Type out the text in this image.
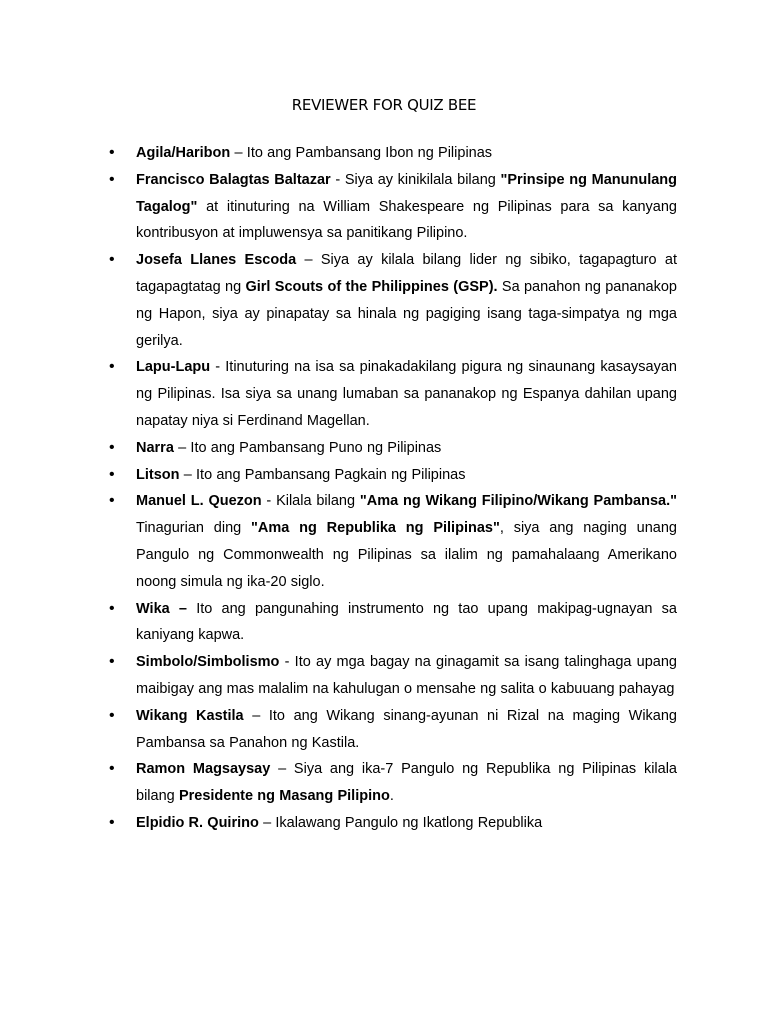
REVIEWER FOR QUIZ BEE
• Agila/Haribon – Ito ang Pambansang Ibon ng Pilipinas
• Francisco Balagtas Baltazar - Siya ay kinikilala bilang "Prinsipe ng Manunulang Tagalog" at itinuturing na William Shakespeare ng Pilipinas para sa kanyang kontribusyon at impluwensya sa panitikang Pilipino.
• Josefa Llanes Escoda – Siya ay kilala bilang lider ng sibiko, tagapagturo at tagapagtatag ng Girl Scouts of the Philippines (GSP). Sa panahon ng pananakop ng Hapon, siya ay pinapatay sa hinala ng pagiging isang taga-simpatya ng mga gerilya.
• Lapu-Lapu - Itinuturing na isa sa pinakadakilang pigura ng sinaunang kasaysayan ng Pilipinas. Isa siya sa unang lumaban sa pananakop ng Espanya dahilan upang napatay niya si Ferdinand Magellan.
• Narra – Ito ang Pambansang Puno ng Pilipinas
• Litson – Ito ang Pambansang Pagkain ng Pilipinas
• Manuel L. Quezon - Kilala bilang "Ama ng Wikang Filipino/Wikang Pambansa." Tinagurian ding "Ama ng Republika ng Pilipinas", siya ang naging unang Pangulo ng Commonwealth ng Pilipinas sa ilalim ng pamahalaang Amerikano noong simula ng ika-20 siglo.
• Wika – Ito ang pangunahing instrumento ng tao upang makipag-ugnayan sa kaniyang kapwa.
• Simbolo/Simbolismo - Ito ay mga bagay na ginagamit sa isang talinghaga upang maibigay ang mas malalim na kahulugan o mensahe ng salita o kabuuang pahayag
• Wikang Kastila – Ito ang Wikang sinang-ayunan ni Rizal na maging Wikang Pambansa sa Panahon ng Kastila.
• Ramon Magsaysay – Siya ang ika-7 Pangulo ng Republika ng Pilipinas kilala bilang Presidente ng Masang Pilipino.
• Elpidio R. Quirino – Ikalawang Pangulo ng Ikatlong Republika
